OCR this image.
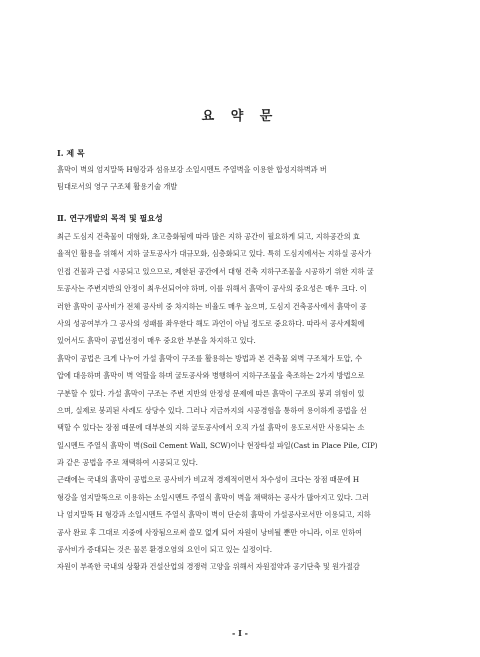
요 약 문
Ⅰ. 제 목
흙막이 벽의 엄지말뚝 H형강과 섬유보강 소일시멘트 주열벽을 이용한 합성지하벽과 버
팀대로서의 영구 구조체 활용기술 개발
Ⅱ. 연구개발의 목적 및 필요성
최근 도심지 건축물이 대형화, 초고층화됨에 따라 많은 지하 공간이 필요하게 되고, 지하공간의 효
율적인 활용을 위해서 지하 굴토공사가 대규모화, 심층화되고 있다. 특히 도심지에서는 지하실 공사가
인접 건물과 근접 시공되고 있으므로, 제한된 공간에서 대형 건축 지하구조물을 시공하기 위한 지하 굴
토공사는 주변지반의 안정이 최우선되어야 하며, 이를 위해서 흙막이 공사의 중요성은 매우 크다. 이
러한 흙막이 공사비가 전체 공사비 중 차지하는 비율도 매우 높으며, 도심지 건축공사에서 흙막이 공
사의 성공여부가 그 공사의 성패를 좌우한다 해도 과언이 아닐 정도로 중요하다. 따라서 공사계획에
있어서도 흙막이 공법선정이 매우 중요한 부분을 차지하고 있다.
흙막이 공법은 크게 나누어 가설 흙막이 구조를 활용하는 방법과 본 건축물 외벽 구조체가 토압, 수
압에 대응하며 흙막이 벽 역할을 하며 굴토공사와 병행하여 지하구조물을 축조하는 2가지 방법으로
구분할 수 있다. 가설 흙막이 구조는 주변 지반의 안정성 문제에 따른 흙막이 구조의 붕괴 위험이 있
으며, 실제로 붕괴된 사례도 상당수 있다. 그러나 지금까지의 시공경험을 통하여 용이하게 공법을 선
택할 수 있다는 장점 때문에 대부분의 지하 굴토공사에서 오직 가설 흙막이 용도로서만 사용되는 소
일시멘트 주열식 흙막이 벽(Soil Cement Wall, SCW)이나 현장타설 파일(Cast in Place Pile, CIP)
과 같은 공법을 주로 채택하여 시공되고 있다.
근래에는 국내의 흙막이 공법으로 공사비가 비교적 경제적이면서 차수성이 크다는 장점 때문에 H
형강을 엄지말뚝으로 이용하는 소일시멘트 주열식 흙막이 벽을 채택하는 공사가 많아지고 있다. 그러
나 엄지말뚝 H 형강과 소일시멘트 주열식 흙막이 벽이 단순히 흙막이 가설공사로서만 이용되고, 지하
공사 완료 후 그대로 지중에 사장됨으로써 쓸모 없게 되어 자원이 낭비될 뿐만 아니라, 이로 인하여
공사비가 증대되는 것은 물론 환경오염의 요인이 되고 있는 실정이다.
자원이 부족한 국내의 상황과 건설산업의 경쟁력 고양을 위해서 자원절약과 공기단축 및 원가절감
- I -
